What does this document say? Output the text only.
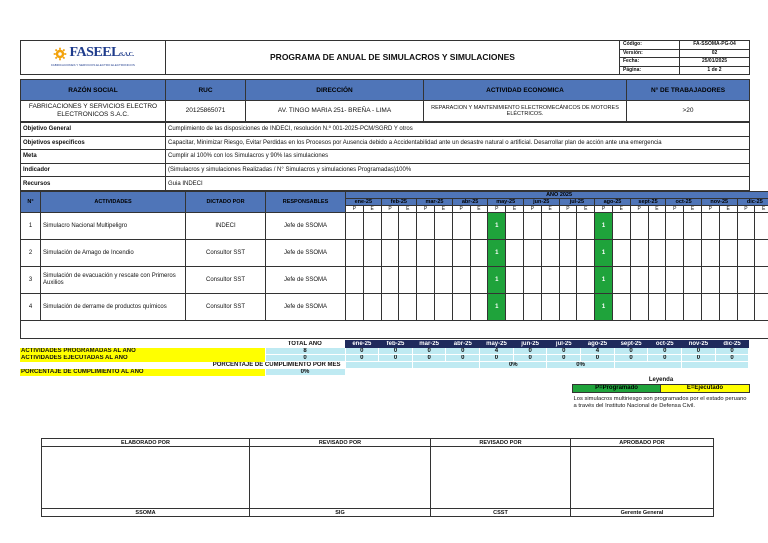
FASEELS.A.C.
FABRICACIONES Y SERVICIOS ELECTRO ELECTRONICOS	PROGRAMA DE ANUAL DE SIMULACROS Y SIMULACIONES	Código:	FA-SSOMA-PG-04
		Versión:	02
		Fecha:	25/01/2025
		Página:	1 de 2
RAZÓN SOCIAL	RUC	DIRECCIÓN	ACTIVIDAD ECONOMICA	N° DE TRABAJADORES
FABRICACIONES Y SERVICIOS ELECTRO ELECTRONICOS S.A.C.	20125865071	AV. TINGO MARIA 251- BREÑA - LIMA	REPARACION Y MANTENIMIENTO ELECTROMECÁNICOS DE MOTORES ELÉCTRICOS.	>20
Objetivo General	Cumplimiento de las disposiciones de INDECI, resolución N.º 001-2025-PCM/SGRD Y otros
Objetivos especificos	Capacitar, Minimizar Riesgo, Evitar Perdidas en los Procesos por Ausencia debido a Accidentabilidad ante un desastre natural o artificial. Desarrollar plan de acción ante una emergencia
Meta	Cumplir al 100% con los Simulacros y 90% las simulaciones
Indicador	(Simulacros y simulaciones Realizadas / N° Simulacros y simulaciones Programadas)100%
Recursos	Guia INDECI
N°	ACTIVIDADES	DICTADO POR	RESPONSABLES	AÑO 2025																							
				ene-25		feb-25		mar-25		abr-25		may-25		jun-25		jul-25		ago-25		sept-25		oct-25		nov-25		dic-25	
				P	E	P	E	P	E	P	E	P	E	P	E	P	E	P	E	P	E	P	E	P	E	P	E
1	Simulacro Nacional Multipeligro	INDECI	Jefe de SSOMA									1						1									
2	Simulación de Amago de Incendio	Consultor SST	Jefe de SSOMA									1						1									
3	Simulación de evacuación y rescate con Primeros Auxilios	Consultor SST	Jefe de SSOMA									1						1									
4	Simulación de derrame de productos químicos	Consultor SST	Jefe de SSOMA									1						1									

	TOTAL AÑO	ene-25	feb-25	mar-25	abr-25	may-25	jun-25	jul-25	ago-25	sept-25	oct-25	nov-25	dic-25
ACTIVIDADES PROGRAMADAS AL AÑO	8	0	0	0	0	4	0	0	4	0	0	0	0
ACTIVIDADES EJECUTADAS AL AÑO	0	0	0	0	0	0	0	0	0	0	0	0	0
PORCENTAJE DE CUMPLIMIENTO POR MES						0%		0%					
PORCENTAJE DE CUMPLIMIENTO AL AÑO	0%												
Leyenda
P=Programado	E=Ejecutado
Los simulacros multiriesgo son programados por el estado peruano a través del Instituto Nacional de Defensa Civil.
ELABORADO POR	REVISADO POR	REVISADO POR	APROBADO POR

SSOMA	SIG	CSST	Gerente General
